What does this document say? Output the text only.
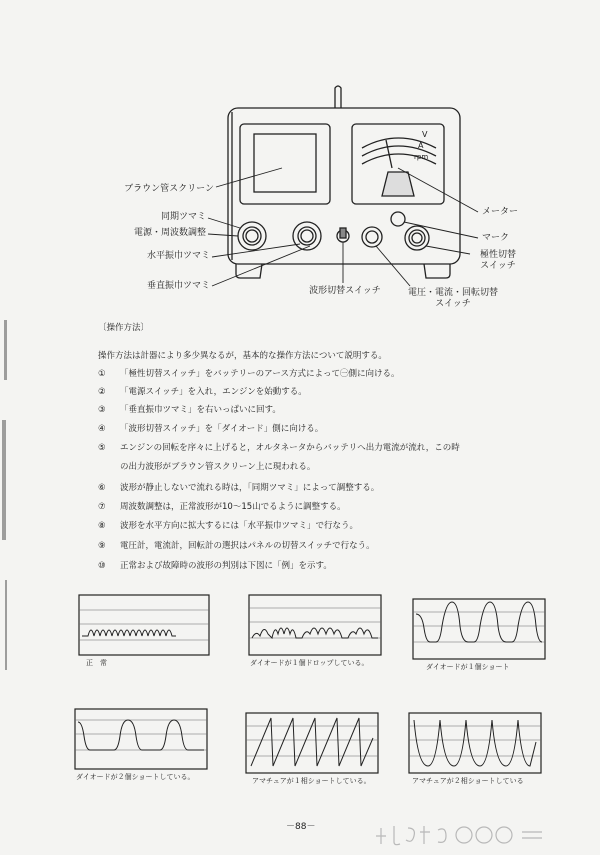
V
A
rpm
ブラウン管スクリーン
同期ツマミ
電源・周波数調整
水平振巾ツマミ
垂直振巾ツマミ	波形切替スイッチ	電圧・電流・回転切替
スイッチ
メーター
マーク
極性切替
スイッチ
〔操作方法〕
操作方法は計器により多少異なるが，基本的な操作方法について説明する。
① 「極性切替スイッチ」をバッテリーのアース方式によって㊀側に向ける。
② 「電源スイッチ」を入れ，エンジンを始動する。
③ 「垂直振巾ツマミ」を右いっぱいに回す。
④ 「波形切替スイッチ」を「ダイオード」側に向ける。
⑤ エンジンの回転を序々に上げると，オルタネータからバッテリへ出力電流が流れ，この時
の出力波形がブラウン管スクリーン上に現われる。
⑥ 波形が静止しないで流れる時は，「同期ツマミ」によって調整する。
⑦ 周波数調整は，正常波形が10～15山でるように調整する。
⑧ 波形を水平方向に拡大するには「水平振巾ツマミ」で行なう。
⑨ 電圧計，電流計，回転計の選択はパネルの切替スイッチで行なう。
⑩ 正常および故障時の波形の判別は下図に「例」を示す。
正　常	ダイオードが１個ドロップしている。	ダイオードが１個ショート
ダイオードが２個ショートしている。	アマチュアが１相ショートしている。	アマチュアが２相ショートしている
－88－
